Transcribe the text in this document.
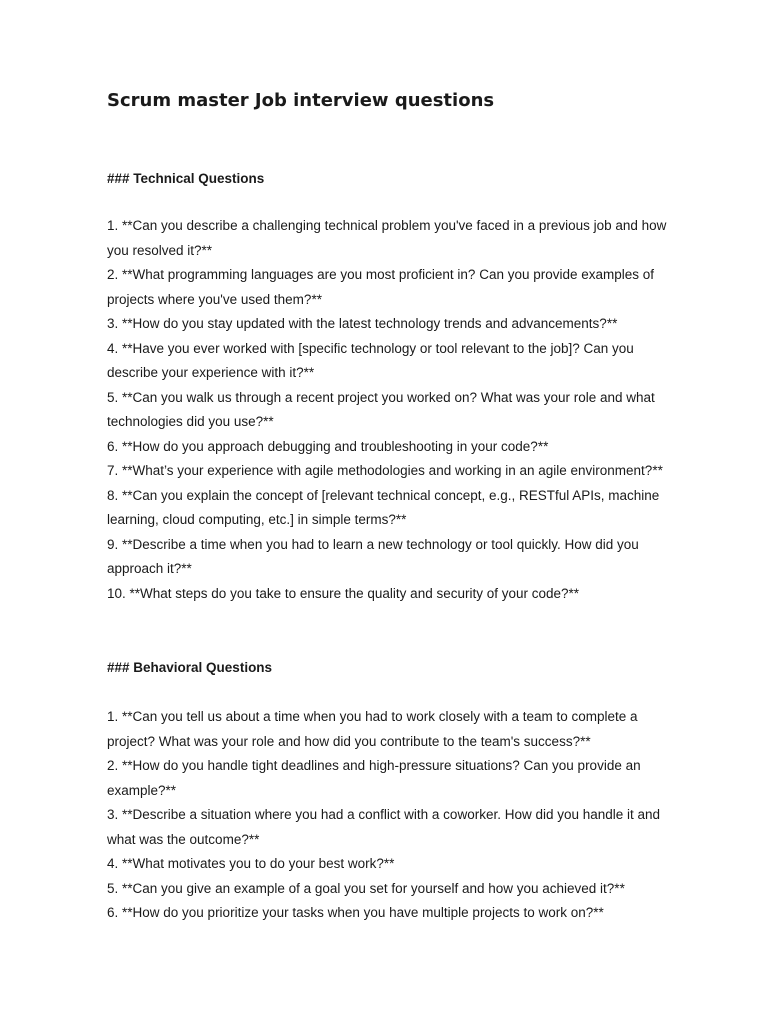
Scrum master Job interview questions
### Technical Questions
1. **Can you describe a challenging technical problem you've faced in a previous job and how you resolved it?**
2. **What programming languages are you most proficient in? Can you provide examples of projects where you've used them?**
3. **How do you stay updated with the latest technology trends and advancements?**
4. **Have you ever worked with [specific technology or tool relevant to the job]? Can you describe your experience with it?**
5. **Can you walk us through a recent project you worked on? What was your role and what technologies did you use?**
6. **How do you approach debugging and troubleshooting in your code?**
7. **What’s your experience with agile methodologies and working in an agile environment?**
8. **Can you explain the concept of [relevant technical concept, e.g., RESTful APIs, machine learning, cloud computing, etc.] in simple terms?**
9. **Describe a time when you had to learn a new technology or tool quickly. How did you approach it?**
10. **What steps do you take to ensure the quality and security of your code?**
### Behavioral Questions
1. **Can you tell us about a time when you had to work closely with a team to complete a project? What was your role and how did you contribute to the team's success?**
2. **How do you handle tight deadlines and high-pressure situations? Can you provide an example?**
3. **Describe a situation where you had a conflict with a coworker. How did you handle it and what was the outcome?**
4. **What motivates you to do your best work?**
5. **Can you give an example of a goal you set for yourself and how you achieved it?**
6. **How do you prioritize your tasks when you have multiple projects to work on?**
